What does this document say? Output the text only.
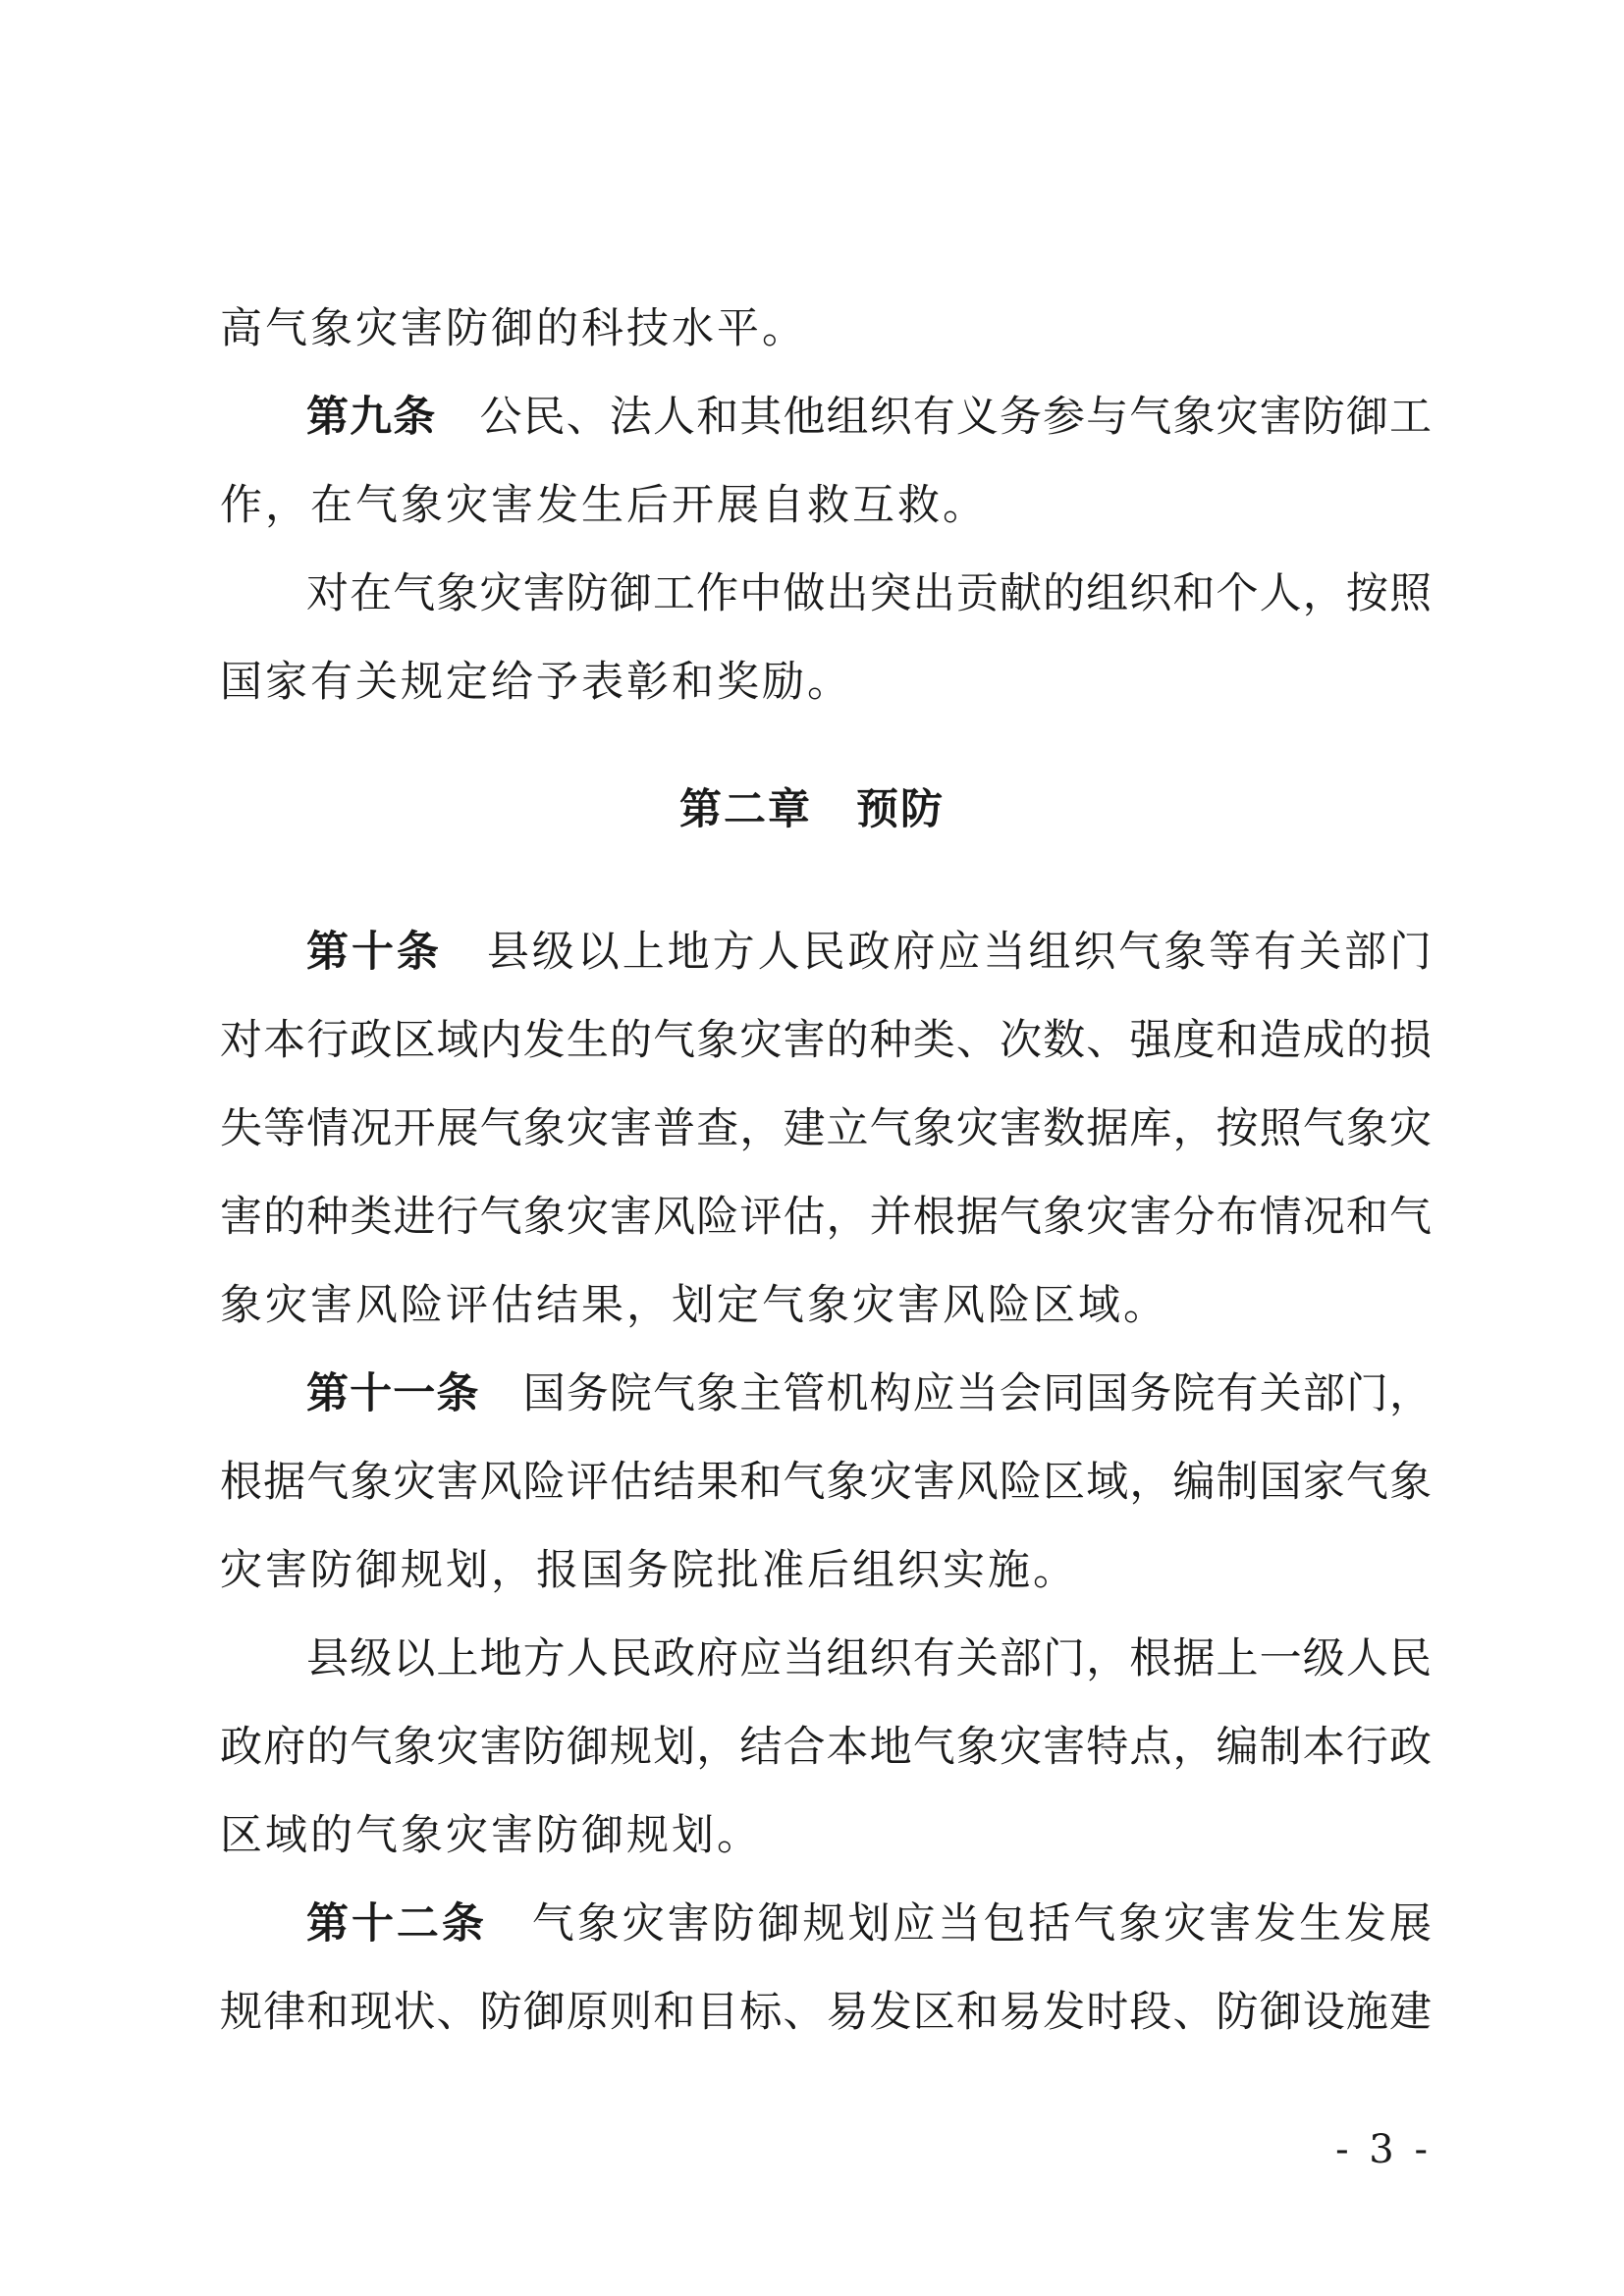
高气象灾害防御的科技水平。
第九条　公民、法人和其他组织有义务参与气象灾害防御工
作，在气象灾害发生后开展自救互救。
对在气象灾害防御工作中做出突出贡献的组织和个人，按照
国家有关规定给予表彰和奖励。
第二章　预防
第十条　县级以上地方人民政府应当组织气象等有关部门
对本行政区域内发生的气象灾害的种类、次数、强度和造成的损
失等情况开展气象灾害普查，建立气象灾害数据库，按照气象灾
害的种类进行气象灾害风险评估，并根据气象灾害分布情况和气
象灾害风险评估结果，划定气象灾害风险区域。
第十一条　国务院气象主管机构应当会同国务院有关部门，
根据气象灾害风险评估结果和气象灾害风险区域，编制国家气象
灾害防御规划，报国务院批准后组织实施。
县级以上地方人民政府应当组织有关部门，根据上一级人民
政府的气象灾害防御规划，结合本地气象灾害特点，编制本行政
区域的气象灾害防御规划。
第十二条　气象灾害防御规划应当包括气象灾害发生发展
规律和现状、防御原则和目标、易发区和易发时段、防御设施建
- 3 -
